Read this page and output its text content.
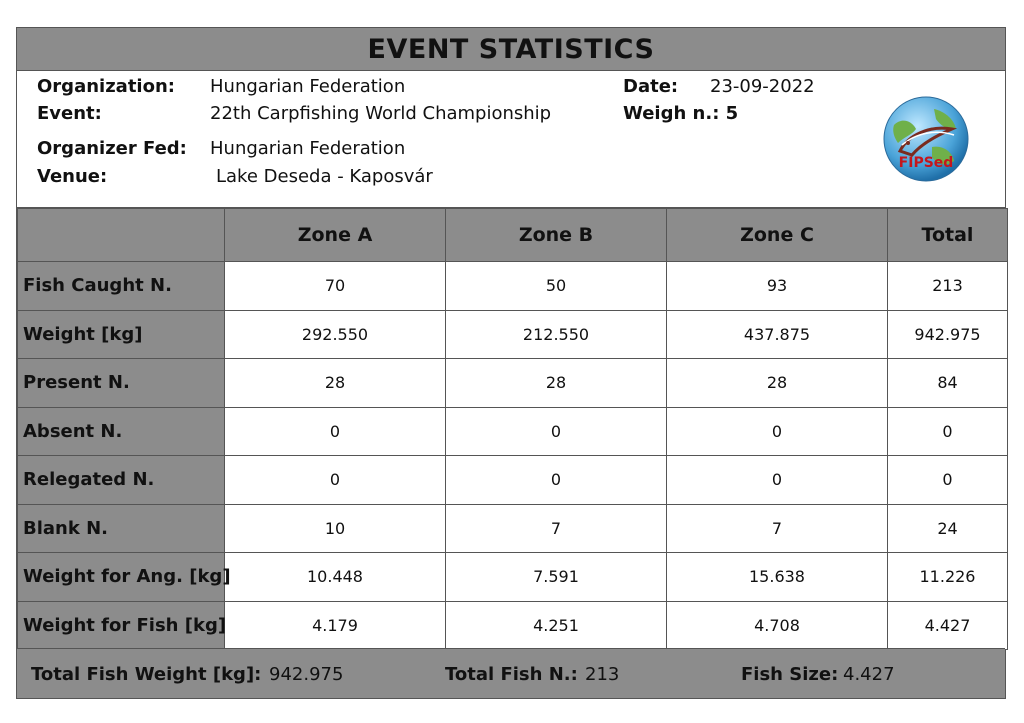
EVENT STATISTICS
Organization: Hungarian Federation
Event:	22th Carpfishing World Championship
Organizer Fed: Hungarian Federation
Venue:	Lake Deseda - Kaposvár
Date: 23-09-2022
Weigh n.: 5
FIPSed
	Zone A	Zone B	Zone C	Total
Fish Caught N.	70	50	93	213
Weight [kg]	292.550	212.550	437.875	942.975
Present N.	28	28	28	84
Absent N.	0	0	0	0
Relegated N.	0	0	0	0
Blank N.	10	7	7	24
Weight for Ang. [kg]	10.448	7.591	15.638	11.226
Weight for Fish [kg]	4.179	4.251	4.708	4.427
Total Fish Weight [kg]: 942.975	Total Fish N.: 213	Fish Size: 4.427
